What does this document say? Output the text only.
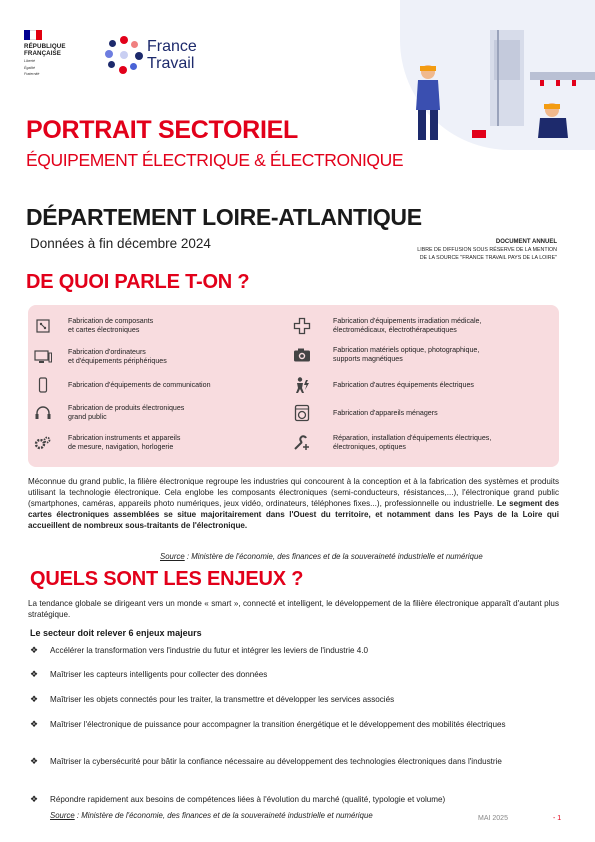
RÉPUBLIQUE
FRANÇAISE
Liberté
Égalité
Fraternité
France
Travail
PORTRAIT SECTORIEL
ÉQUIPEMENT ÉLECTRIQUE & ÉLECTRONIQUE
DÉPARTEMENT LOIRE-ATLANTIQUE
Données à fin décembre 2024	DOCUMENT ANNUEL
LIBRE DE DIFFUSION SOUS RÉSERVE DE LA MENTION
DE LA SOURCE "FRANCE TRAVAIL PAYS DE LA LOIRE"
DE QUOI PARLE T-ON ?
Fabrication de composants
et cartes électroniques
Fabrication d'ordinateurs
et d'équipements périphériques
Fabrication d'équipements de communication
Fabrication de produits électroniques
grand public
Fabrication instruments et appareils
de mesure, navigation, horlogerie
Fabrication d'équipements irradiation médicale,
électromédicaux, électrothérapeutiques
Fabrication matériels optique, photographique,
supports magnétiques
Fabrication d'autres équipements électriques
Fabrication d'appareils ménagers
Réparation, installation d'équipements électriques,
électroniques, optiques
Méconnue du grand public, la filière électronique regroupe les industries qui concourent à la conception et à la fabrication des systèmes et produits utilisant la technologie électronique. Cela englobe les composants électroniques (semi-conducteurs, résistances,...), l'électronique grand public (smartphones, caméras, appareils photo numériques, jeux vidéo, ordinateurs, téléphones fixes...), professionnelle ou industrielle. Le segment des cartes électroniques assemblées se situe majoritairement dans l'Ouest du territoire, et notamment dans les Pays de la Loire qui accueillent de nombreux sous-traitants de l'électronique.
Source : Ministère de l'économie, des finances et de la souveraineté industrielle et numérique
QUELS SONT LES ENJEUX ?
La tendance globale se dirigeant vers un monde « smart », connecté et intelligent, le développement de la filière électronique apparaît d'autant plus stratégique.
Le secteur doit relever 6 enjeux majeurs
❖	Accélérer la transformation vers l'industrie du futur et intégrer les leviers de l'industrie 4.0
❖	Maîtriser les capteurs intelligents pour collecter des données
❖	Maîtriser les objets connectés pour les traiter, la transmettre et développer les services associés
❖	Maîtriser l'électronique de puissance pour accompagner la transition énergétique et le développement des mobilités électriques
❖	Maîtriser la cybersécurité pour bâtir la confiance nécessaire au développement des technologies électroniques dans l'industrie
❖	Répondre rapidement aux besoins de compétences liées à l'évolution du marché (qualité, typologie et volume)
Source : Ministère de l'économie, des finances et de la souveraineté industrielle et numérique	MAI 2025	- 1
